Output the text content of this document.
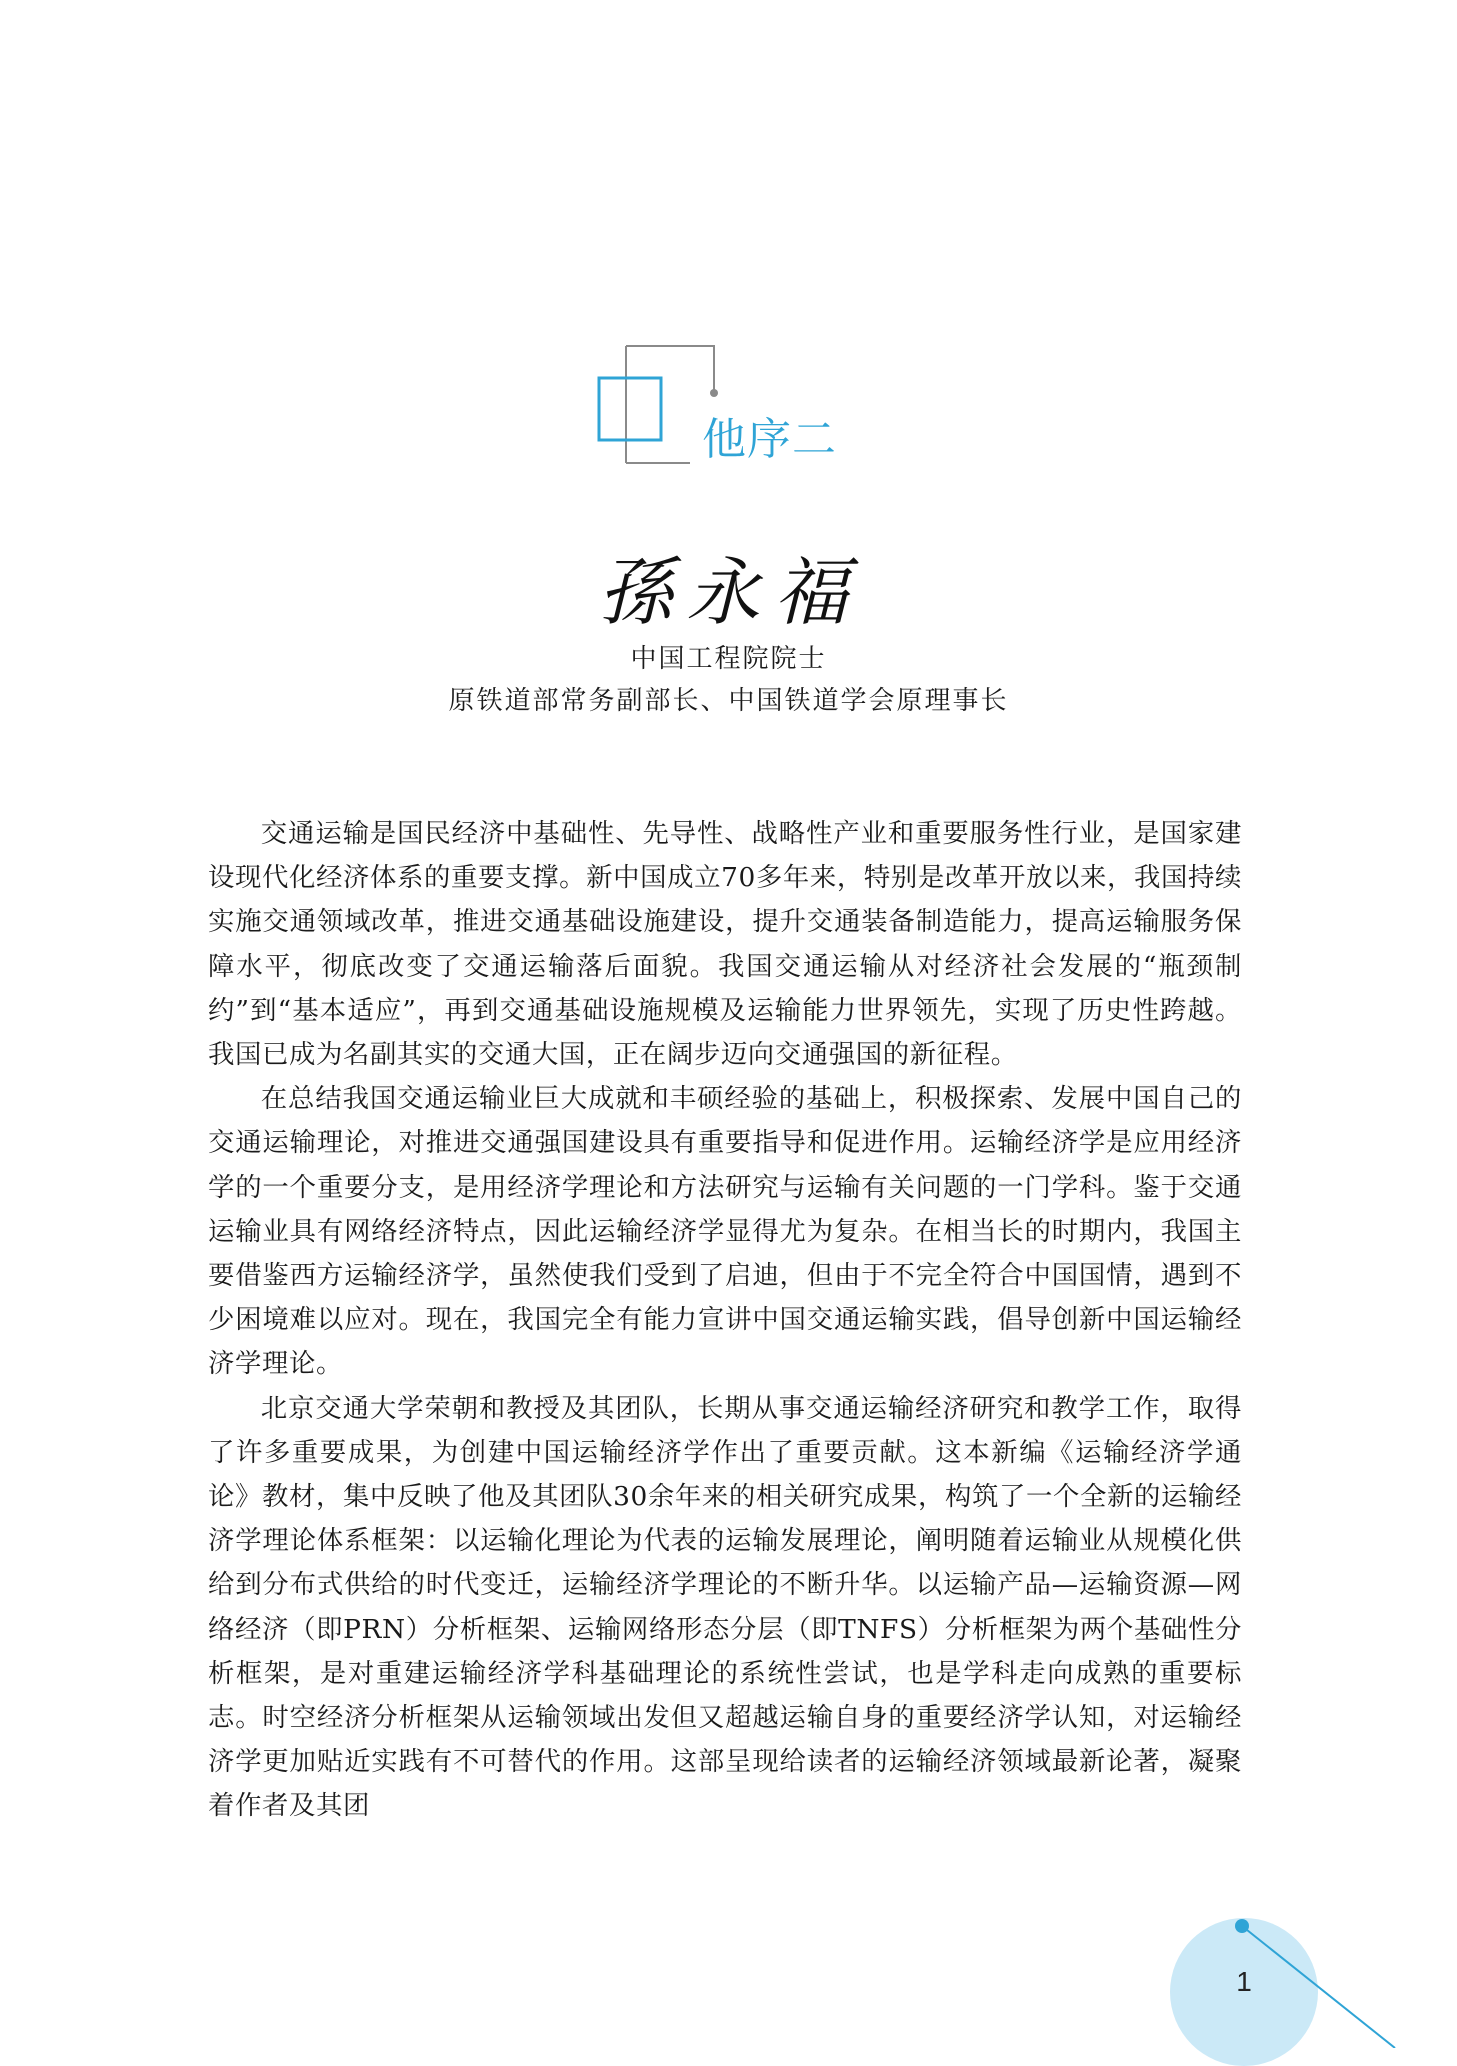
他序二
孫永福
中国工程院院士
原铁道部常务副部长、中国铁道学会原理事长

交通运输是国民经济中基础性、先导性、战略性产业和重要服务性行业，是国家建设现代化经济体系的重要支撑。新中国成立70多年来，特别是改革开放以来，我国持续实施交通领域改革，推进交通基础设施建设，提升交通装备制造能力，提高运输服务保障水平，彻底改变了交通运输落后面貌。我国交通运输从对经济社会发展的“瓶颈制约”到“基本适应”，再到交通基础设施规模及运输能力世界领先，实现了历史性跨越。我国已成为名副其实的交通大国，正在阔步迈向交通强国的新征程。

在总结我国交通运输业巨大成就和丰硕经验的基础上，积极探索、发展中国自己的交通运输理论，对推进交通强国建设具有重要指导和促进作用。运输经济学是应用经济学的一个重要分支，是用经济学理论和方法研究与运输有关问题的一门学科。鉴于交通运输业具有网络经济特点，因此运输经济学显得尤为复杂。在相当长的时期内，我国主要借鉴西方运输经济学，虽然使我们受到了启迪，但由于不完全符合中国国情，遇到不少困境难以应对。现在，我国完全有能力宣讲中国交通运输实践，倡导创新中国运输经济学理论。

北京交通大学荣朝和教授及其团队，长期从事交通运输经济研究和教学工作，取得了许多重要成果，为创建中国运输经济学作出了重要贡献。这本新编《运输经济学通论》教材，集中反映了他及其团队30余年来的相关研究成果，构筑了一个全新的运输经济学理论体系框架：以运输化理论为代表的运输发展理论，阐明随着运输业从规模化供给到分布式供给的时代变迁，运输经济学理论的不断升华。以运输产品—运输资源—网络经济（即PRN）分析框架、运输网络形态分层（即TNFS）分析框架为两个基础性分析框架，是对重建运输经济学科基础理论的系统性尝试，也是学科走向成熟的重要标志。时空经济分析框架从运输领域出发但又超越运输自身的重要经济学认知，对运输经济学更加贴近实践有不可替代的作用。这部呈现给读者的运输经济领域最新论著，凝聚着作者及其团

1
